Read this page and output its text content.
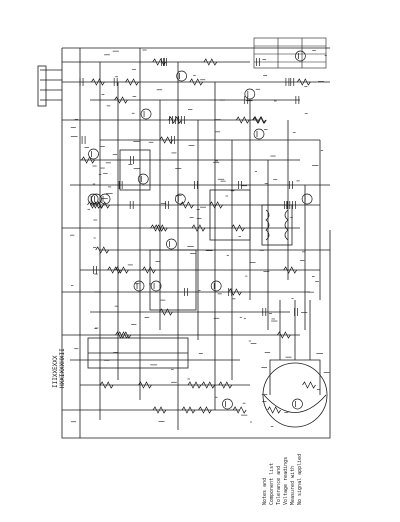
IIIXXEXXX HXXIXXXHXII
Notes and Component list Tolerance and Voltage readings Measured with No signal applied
